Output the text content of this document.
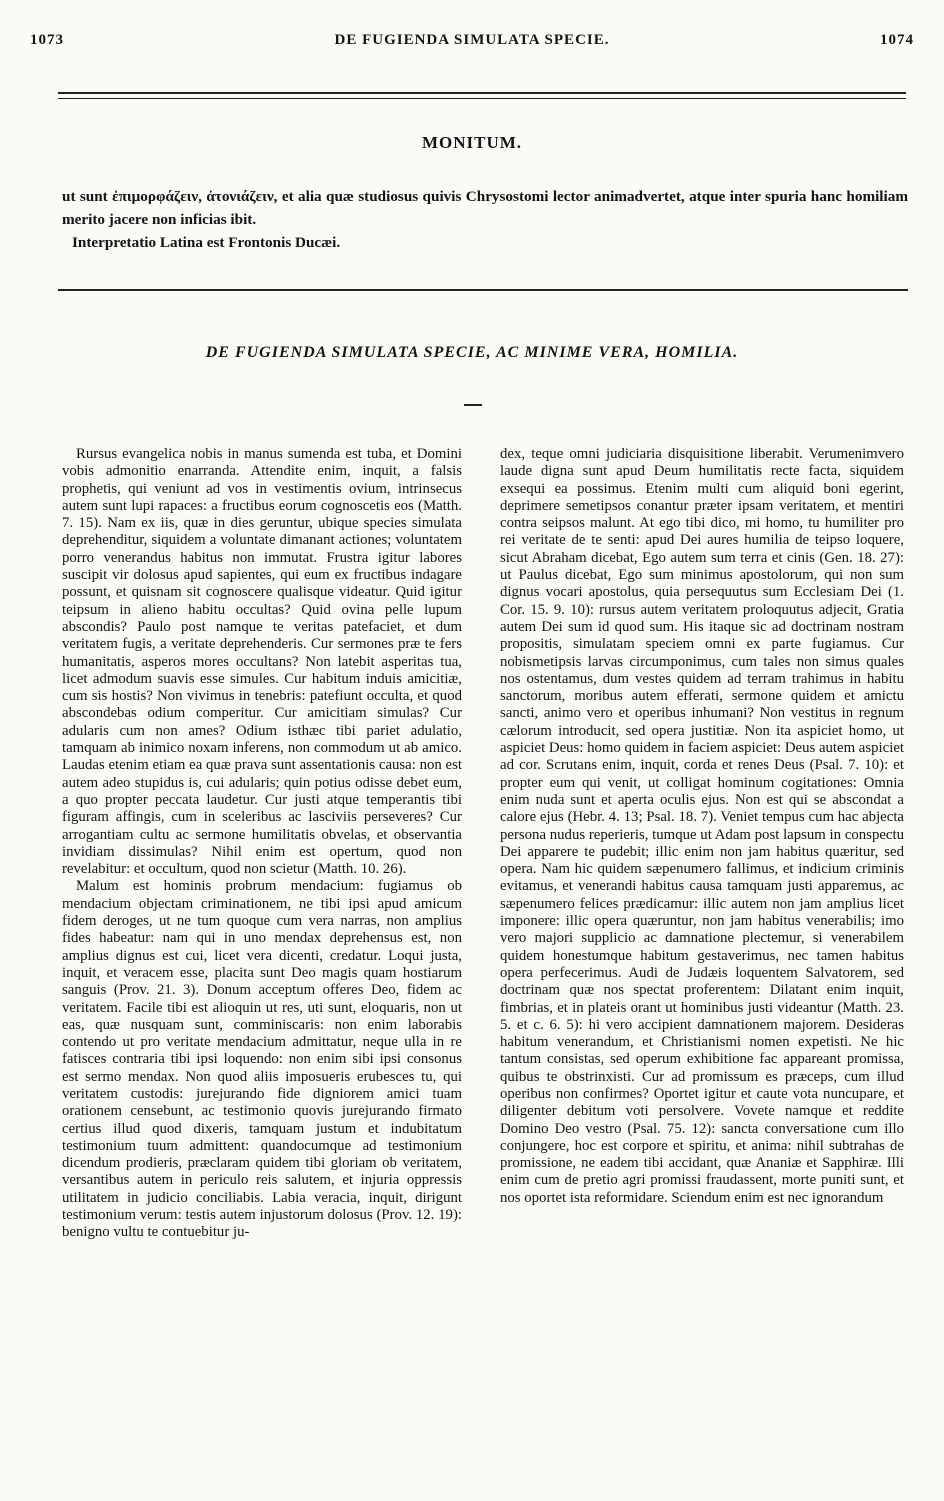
1073	DE FUGIENDA SIMULATA SPECIE.	1074
MONITUM.

ut sunt ἐπιμορφάζειν, ἀτονιάζειν, et alia quæ studiosus quivis Chrysostomi lector animadvertet, atque inter spuria hanc homiliam merito jacere non inficias ibit.

Interpretatio Latina est Frontonis Ducæi.

DE FUGIENDA SIMULATA SPECIE, AC MINIME VERA, HOMILIA.

Rursus evangelica nobis in manus sumenda est tuba, et Domini vobis admonitio enarranda. Attendite enim, inquit, a falsis prophetis, qui veniunt ad vos in vestimentis ovium, intrinsecus autem sunt lupi rapaces: a fructibus eorum cognoscetis eos (Matth. 7. 15). Nam ex iis, quæ in dies geruntur, ubique species simulata deprehenditur, siquidem a voluntate dimanant actiones; voluntatem porro venerandus habitus non immutat. Frustra igitur labores suscipit vir dolosus apud sapientes, qui eum ex fructibus indagare possunt, et quisnam sit cognoscere qualisque videatur. Quid igitur teipsum in alieno habitu occultas? Quid ovina pelle lupum abscondis? Paulo post namque te veritas patefaciet, et dum veritatem fugis, a veritate deprehenderis. Cur sermones præ te fers humanitatis, asperos mores occultans? Non latebit asperitas tua, licet admodum suavis esse simules. Cur habitum induis amicitiæ, cum sis hostis? Non vivimus in tenebris: patefiunt occulta, et quod abscondebas odium comperitur. Cur amicitiam simulas? Cur adularis cum non ames? Odium isthæc tibi pariet adulatio, tamquam ab inimico noxam inferens, non commodum ut ab amico. Laudas etenim etiam ea quæ prava sunt assentationis causa: non est autem adeo stupidus is, cui adularis; quin potius odisse debet eum, a quo propter peccata laudetur. Cur justi atque temperantis tibi figuram affingis, cum in sceleribus ac lasciviis perseveres? Cur arrogantiam cultu ac sermone humilitatis obvelas, et observantia invidiam dissimulas? Nihil enim est opertum, quod non revelabitur: et occultum, quod non scietur (Matth. 10. 26).

Malum est hominis probrum mendacium: fugiamus ob mendacium objectam criminationem, ne tibi ipsi apud amicum fidem deroges, ut ne tum quoque cum vera narras, non amplius fides habeatur: nam qui in uno mendax deprehensus est, non amplius dignus est cui, licet vera dicenti, credatur. Loqui justa, inquit, et veracem esse, placita sunt Deo magis quam hostiarum sanguis (Prov. 21. 3). Donum acceptum offeres Deo, fidem ac veritatem. Facile tibi est alioquin ut res, uti sunt, eloquaris, non ut eas, quæ nusquam sunt, comminiscaris: non enim laborabis contendo ut pro veritate mendacium admittatur, neque ulla in re fatisces contraria tibi ipsi loquendo: non enim sibi ipsi consonus est sermo mendax. Non quod aliis imposueris erubesces tu, qui veritatem custodis: jurejurando fide digniorem amici tuam orationem censebunt, ac testimonio quovis jurejurando firmato certius illud quod dixeris, tamquam justum et indubitatum testimonium tuum admittent: quandocumque ad testimonium dicendum prodieris, præclaram quidem tibi gloriam ob veritatem, versantibus autem in periculo reis salutem, et injuria oppressis utilitatem in judicio conciliabis. Labia veracia, inquit, dirigunt testimonium verum: testis autem injustorum dolosus (Prov. 12. 19): benigno vultu te contuebitur ju-

dex, teque omni judiciaria disquisitione liberabit. Verumenimvero laude digna sunt apud Deum humilitatis recte facta, siquidem exsequi ea possimus. Etenim multi cum aliquid boni egerint, deprimere semetipsos conantur præter ipsam veritatem, et mentiri contra seipsos malunt. At ego tibi dico, mi homo, tu humiliter pro rei veritate de te senti: apud Dei aures humilia de teipso loquere, sicut Abraham dicebat, Ego autem sum terra et cinis (Gen. 18. 27): ut Paulus dicebat, Ego sum minimus apostolorum, qui non sum dignus vocari apostolus, quia persequutus sum Ecclesiam Dei (1. Cor. 15. 9. 10): rursus autem veritatem proloquutus adjecit, Gratia autem Dei sum id quod sum. His itaque sic ad doctrinam nostram propositis, simulatam speciem omni ex parte fugiamus. Cur nobismetipsis larvas circumponimus, cum tales non simus quales nos ostentamus, dum vestes quidem ad terram trahimus in habitu sanctorum, moribus autem efferati, sermone quidem et amictu sancti, animo vero et operibus inhumani? Non vestitus in regnum cælorum introducit, sed opera justitiæ. Non ita aspiciet homo, ut aspiciet Deus: homo quidem in faciem aspiciet: Deus autem aspiciet ad cor. Scrutans enim, inquit, corda et renes Deus (Psal. 7. 10): et propter eum qui venit, ut colligat hominum cogitationes: Omnia enim nuda sunt et aperta oculis ejus. Non est qui se abscondat a calore ejus (Hebr. 4. 13; Psal. 18. 7). Veniet tempus cum hac abjecta persona nudus reperieris, tumque ut Adam post lapsum in conspectu Dei apparere te pudebit; illic enim non jam habitus quæritur, sed opera. Nam hic quidem sæpenumero fallimus, et indicium criminis evitamus, et venerandi habitus causa tamquam justi apparemus, ac sæpenumero felices prædicamur: illic autem non jam amplius licet imponere: illic opera quæruntur, non jam habitus venerabilis; imo vero majori supplicio ac damnatione plectemur, si venerabilem quidem honestumque habitum gestaverimus, nec tamen habitus opera perfecerimus. Audi de Judæis loquentem Salvatorem, sed doctrinam quæ nos spectat proferentem: Dilatant enim inquit, fimbrias, et in plateis orant ut hominibus justi videantur (Matth. 23. 5. et c. 6. 5): hi vero accipient damnationem majorem. Desideras habitum venerandum, et Christianismi nomen expetisti. Ne hic tantum consistas, sed operum exhibitione fac appareant promissa, quibus te obstrinxisti. Cur ad promissum es præceps, cum illud operibus non confirmes? Oportet igitur et caute vota nuncupare, et diligenter debitum voti persolvere. Vovete namque et reddite Domino Deo vestro (Psal. 75. 12): sancta conversatione cum illo conjungere, hoc est corpore et spiritu, et anima: nihil subtrahas de promissione, ne eadem tibi accidant, quæ Ananiæ et Sapphiræ. Illi enim cum de pretio agri promissi fraudassent, morte puniti sunt, et nos oportet ista reformidare. Sciendum enim est nec ignorandum
